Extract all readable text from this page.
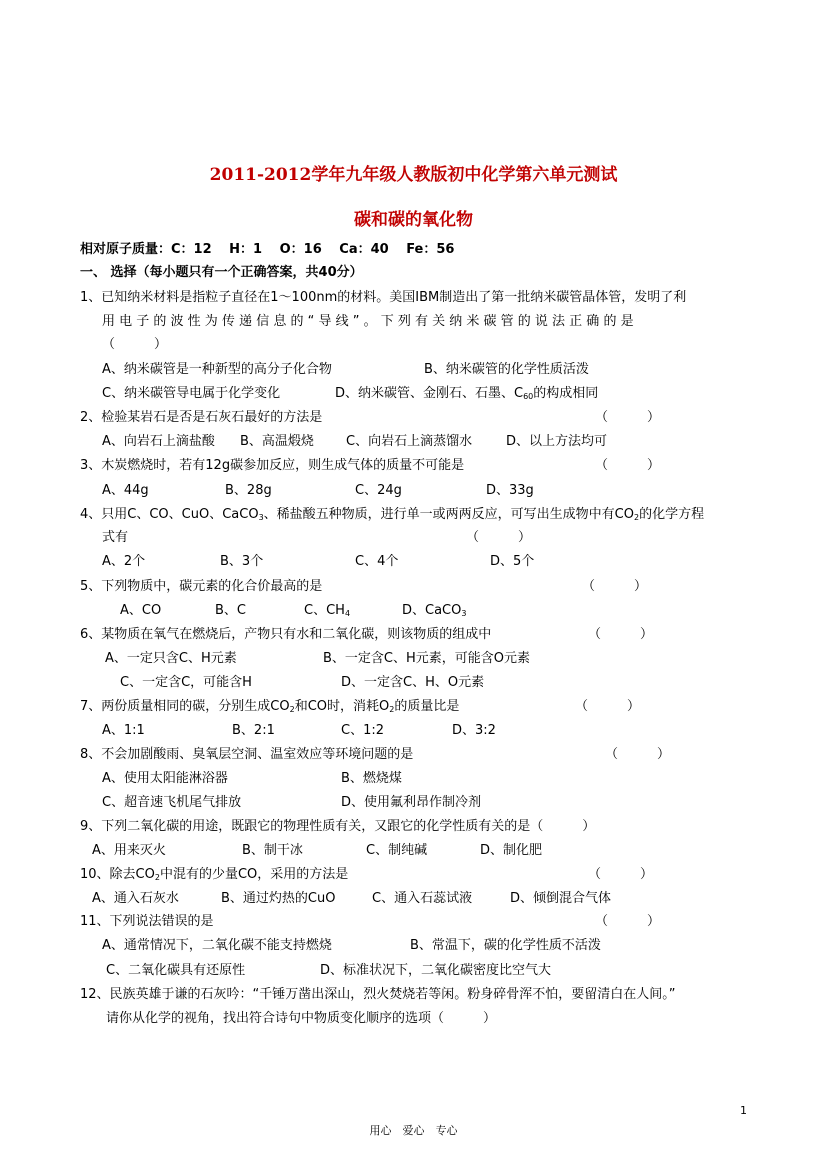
2011-2012学年九年级人教版初中化学第六单元测试
碳和碳的氧化物
相对原子质量：C：12　 H：1　 O：16　 Ca：40　 Fe：56
一、 选择（每小题只有一个正确答案，共40分）
1、已知纳米材料是指粒子直径在1～100nm的材料。美国IBM制造出了第一批纳米碳管晶体管，发明了利
用 电 子 的 波 性 为 传 递 信 息 的 “ 导 线 ” 。 下 列 有 关 纳 米 碳 管 的 说 法 正 确 的 是
（　　　）
A、纳米碳管是一种新型的高分子化合物	B、纳米碳管的化学性质活泼
C、纳米碳管导电属于化学变化	D、纳米碳管、金刚石、石墨、$C_{60}$的构成相同
2、检验某岩石是否是石灰石最好的方法是	（　　　）
A、向岩石上滴盐酸 B、高温煅烧 C、向岩石上滴蒸馏水	D、以上方法均可
3、木炭燃烧时，若有12g碳参加反应，则生成气体的质量不可能是	（　　　）
A、44g	B、28g	C、24g	D、33g
4、只用C、CO、CuO、CaCO$_3$、稀盐酸五种物质，进行单一或两两反应，可写出生成物中有$CO_2$的化学方程
式有	（　　　）
A、2个	B、3个	C、4个	D、5个
5、下列物质中，碳元素的化合价最高的是	（　　　）
A、CO	B、C	C、$CH_4$	D、CaCO$_3$
6、某物质在氧气在燃烧后，产物只有水和二氧化碳，则该物质的组成中	（　　　）
A、一定只含C、H元素	B、一定含C、H元素，可能含O元素
C、一定含C，可能含H	D、一定含C、H、O元素
7、两份质量相同的碳，分别生成$CO_2$和CO时，消耗$O_2$的质量比是	（　　　）
A、1:1	B、2:1	C、1:2	D、3:2
8、不会加剧酸雨、臭氧层空洞、温室效应等环境问题的是	（　　　）
A、使用太阳能淋浴器	B、燃烧煤
C、超音速飞机尾气排放	D、使用氟利昂作制冷剂
9、下列二氧化碳的用途，既跟它的物理性质有关，又跟它的化学性质有关的是（　　　）
A、用来灭火	B、制干冰	C、制纯碱	D、制化肥
10、除去$CO_2$中混有的少量CO，采用的方法是	（　　　）
A、通入石灰水	B、通过灼热的CuO	C、通入石蕊试液	D、倾倒混合气体
11、下列说法错误的是	（　　　）
A、通常情况下，二氧化碳不能支持燃烧	B、常温下，碳的化学性质不活泼
C、二氧化碳具有还原性	D、标准状况下，二氧化碳密度比空气大
12、民族英雄于谦的石灰吟：“千锤万凿出深山，烈火焚烧若等闲。粉身碎骨浑不怕，要留清白在人间。”
请你从化学的视角，找出符合诗句中物质变化顺序的选项（　　　）
1
用心　爱心　专心
